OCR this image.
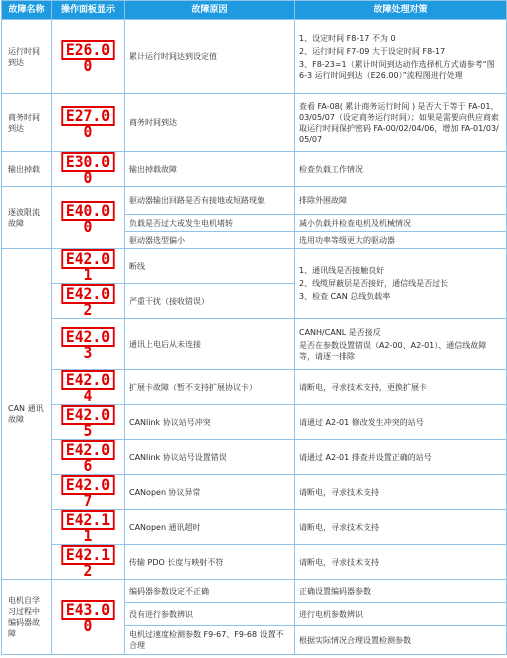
故障名称	操作面板显示	故障原因	故障处理对策
运行时间到达	E26.00	累计运行时间达到设定值	1、设定时间 F8-17 不为 0
2、运行时间 F7-09 大于设定时间 F8-17
3、F8-23=1（累计时间到达动作选择机方式请参考“图 6-3 运行时间到达（E26.00）”流程图进行处理

商务时间到达	E27.00	商务时间到达	查看 FA-08( 累计商务运行时间 ) 是否大于等于 FA-01、03/05/07（设定商务运行时间）；如果是需要向供应商索取运行时间保护密码 FA-00/02/04/06，增加 FA-01/03/05/07
输出掉载	E30.00	输出掉载故障	检查负载工作情况
逐波限流故障	E40.00	驱动器输出回路是否有接地或短路现象	排除外围故障
		负载是否过大或发生电机堵转	减小负载并检查电机及机械情况
		驱动器选型偏小	选用功率等级更大的驱动器
CAN 通讯故障	E42.01	断线	1、通讯线是否接触良好
2、线缆屏蔽层是否接好，通信线是否过长
3、检查 CAN 总线负载率

	E42.02	严重干扰（接收错误）	
	E42.03	通讯上电后从未连接	CANH/CANL 是否接反
是否在参数设置错误（A2-00、A2-01）、通信线故障等，请逐一排除

	E42.04	扩展卡故障（暂不支持扩展协议卡）	请断电，寻求技术支持，更换扩展卡
	E42.05	CANlink 协议站号冲突	请通过 A2-01 修改发生冲突的站号
	E42.06	CANlink 协议站号设置错误	请通过 A2-01 排查并设置正确的站号
	E42.07	CANopen 协议异常	请断电，寻求技术支持
	E42.11	CANopen 通讯超时	请断电，寻求技术支持
	E42.12	传输 PDO 长度与映射不符	请断电，寻求技术支持
电机自学习过程中编码器故障	E43.00	编码器参数设定不正确	正确设置编码器参数
		没有进行参数辨识	进行电机参数辨识
		电机过速度检测参数 F9-67、F9-68 设置不合理	根据实际情况合理设置检测参数
